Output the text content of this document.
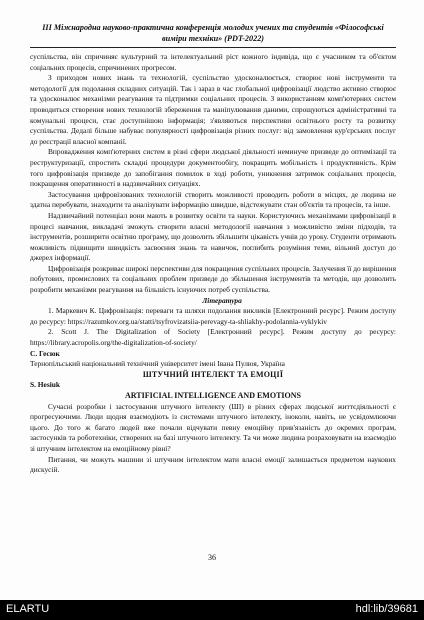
ІІІ Міжнародна науково-практична конференція молодих учених та студентів «Філософські виміри техніки» (PDT-2022)

суспільства, він спричиняє культурний та інтелектуальний ріст кожного індивіда, що є учасником та об'єктом соціальних процесів, спричинених прогресом.

З приходом нових знань та технологій, суспільство удосконалюється, створює нові інструменти та методології для подолання складних ситуацій. Так і зараз в час глобальної цифровізації людство активно створює та удосконалює механізми реагування та підтримки соціальних процесів. З використанням комп'ютерних систем проводиться створення нових технологій збереження та маніпулювання даними, спрощуються адміністративні та комунальні процеси, стає доступнішою інформація; з'являються перспективи освітнього росту та розвитку суспільства. Дедалі більше набуває популярності цифровізація різних послуг: від замовлення кур'єрських послуг до реєстрації власної компанії.

Впровадження комп'ютерних систем в різні сфери людської діяльності неминуче призведе до оптимізації та реструктуризації, спростить складні процедури документообігу, покращить мобільність і продуктивність. Крім того цифровізація призведе до запобігання помилок в ході роботи, уникнення затримок соціальних процесів, покращення оперативності в надзвичайних ситуаціях.

Застосування цифровізованих технологій створить можливості проводить роботи в місцях, де людина не здатна перебувати, знаходити та аналізувати інформацію швидше, відстежувати стан об'єктів та процесів, та інше.

Надзвичайний потенціал вони мають в розвитку освіти та науки. Користуючись механізмами цифровізації в процесі навчання, викладачі зможуть створити власні методології навчання з можливістю зміни підходів, та інструментів, розширити освітню програму, що дозволить збільшити цікавість учнів до уроку. Студенти отримають можливість підвищити швидкість засвоєння знань та навичок, поглибить розуміння теми, вільний доступ до джерел інформації.

Цифровізація розкриває широкі перспективи для покращення суспільних процесів. Залучення її до вирішення побутових, промислових та соціальних проблем призведе до збільшення інструментів та методів, що дозволить розробити механізми реагування на більшість існуючих потреб суспільства.

Література

1. Маркевич К. Цифровізація: переваги та шляхи подолання викликів [Електронний ресурс]. Режим доступу до ресурсу: https://razumkov.org.ua/statti/tsyfrovizatsiia-perevagy-ta-shliakhy-podolannia-vyklykiv

2. Scott J. The Digitalization of Society [Електронний ресурс]. Режим доступу до ресурсу: https://library.acropolis.org/the-digitalization-of-society/

С. Гесюк

Тернопільський національний технічний університет імені Івана Пулюя, Україна

ШТУЧНИЙ ІНТЕЛЕКТ ТА ЕМОЦІЇ

S. Hesiuk

ARTIFICIAL INTELLIGENCE AND EMOTIONS

Сучасні розробки і застосування штучного інтелекту (ШІ) в різних сферах людської життєдіяльності є прогресуючими. Люди щодня взаємодіють із системами штучного інтелекту, іноколи, навіть, не усвідомлюючи цього. До того ж багато людей вже почали відчувати певну емоційну прив'язаність до окремих програм, застосунків та роботехніки, створених на базі штучного інтелекту. Та чи може людина розраховувати на взаємодію зі штучним інтелектом на емоційному рівні?

Питання, чи можуть машини зі штучним інтелектом мати власні емоції залишається предметом наукових дискусій.

36
ELARTU	hdl:lib/39681
